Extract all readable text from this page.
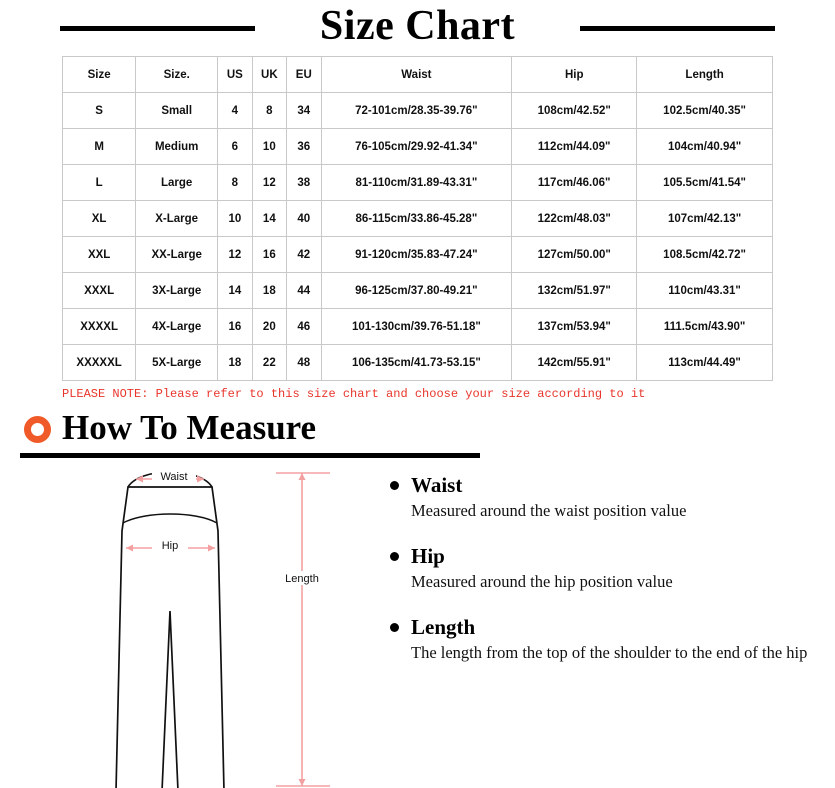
Size Chart
Size	Size.	US	UK	EU	Waist	Hip	Length
S	Small	4	8	34	72-101cm/28.35-39.76"	108cm/42.52"	102.5cm/40.35"
M	Medium	6	10	36	76-105cm/29.92-41.34"	112cm/44.09"	104cm/40.94"
L	Large	8	12	38	81-110cm/31.89-43.31"	117cm/46.06"	105.5cm/41.54"
XL	X-Large	10	14	40	86-115cm/33.86-45.28"	122cm/48.03"	107cm/42.13"
XXL	XX-Large	12	16	42	91-120cm/35.83-47.24"	127cm/50.00"	108.5cm/42.72"
XXXL	3X-Large	14	18	44	96-125cm/37.80-49.21"	132cm/51.97"	110cm/43.31"
XXXXL	4X-Large	16	20	46	101-130cm/39.76-51.18"	137cm/53.94"	111.5cm/43.90"
XXXXXL	5X-Large	18	22	48	106-135cm/41.73-53.15"	142cm/55.91"	113cm/44.49"
PLEASE NOTE: Please refer to this size chart and choose your size according to it
How To Measure
Waist
Hip
Length
Waist
Measured around the waist position value
Hip
Measured around the hip position value
Length
The length from the top of the shoulder to the end of the hip
